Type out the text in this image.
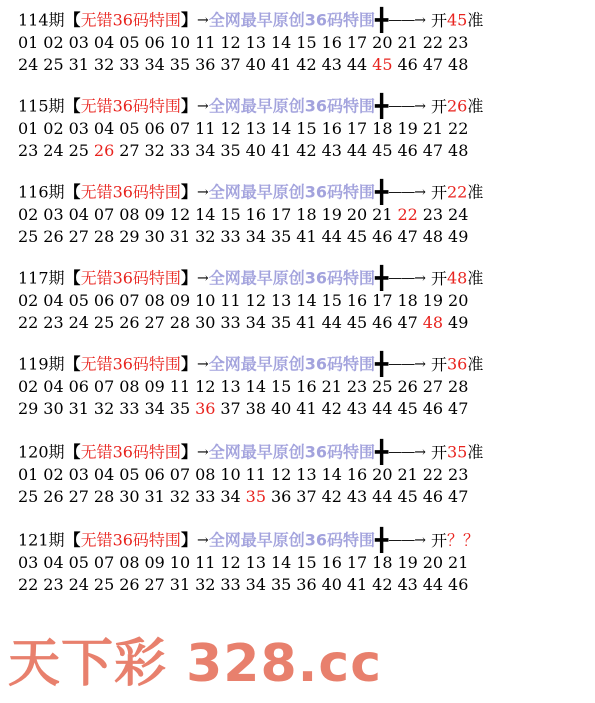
114期【无错36码特围】→全网最早原创36码特围╋——→ 开45准
01 02 03 04 05 06 10 11 12 13 14 15 16 17 20 21 22 23
24 25 31 32 33 34 35 36 37 40 41 42 43 44 45 46 47 48
115期【无错36码特围】→全网最早原创36码特围╋——→ 开26准
01 02 03 04 05 06 07 11 12 13 14 15 16 17 18 19 21 22
23 24 25 26 27 32 33 34 35 40 41 42 43 44 45 46 47 48
116期【无错36码特围】→全网最早原创36码特围╋——→ 开22准
02 03 04 07 08 09 12 14 15 16 17 18 19 20 21 22 23 24
25 26 27 28 29 30 31 32 33 34 35 41 44 45 46 47 48 49
117期【无错36码特围】→全网最早原创36码特围╋——→ 开48准
02 04 05 06 07 08 09 10 11 12 13 14 15 16 17 18 19 20
22 23 24 25 26 27 28 30 33 34 35 41 44 45 46 47 48 49
119期【无错36码特围】→全网最早原创36码特围╋——→ 开36准
02 04 06 07 08 09 11 12 13 14 15 16 21 23 25 26 27 28
29 30 31 32 33 34 35 36 37 38 40 41 42 43 44 45 46 47
120期【无错36码特围】→全网最早原创36码特围╋——→ 开35准
01 02 03 04 05 06 07 08 10 11 12 13 14 16 20 21 22 23
25 26 27 28 30 31 32 33 34 35 36 37 42 43 44 45 46 47
121期【无错36码特围】→全网最早原创36码特围╋——→ 开？？
03 04 05 07 08 09 10 11 12 13 14 15 16 17 18 19 20 21
22 23 24 25 26 27 31 32 33 34 35 36 40 41 42 43 44 46
天下彩 328.cc
